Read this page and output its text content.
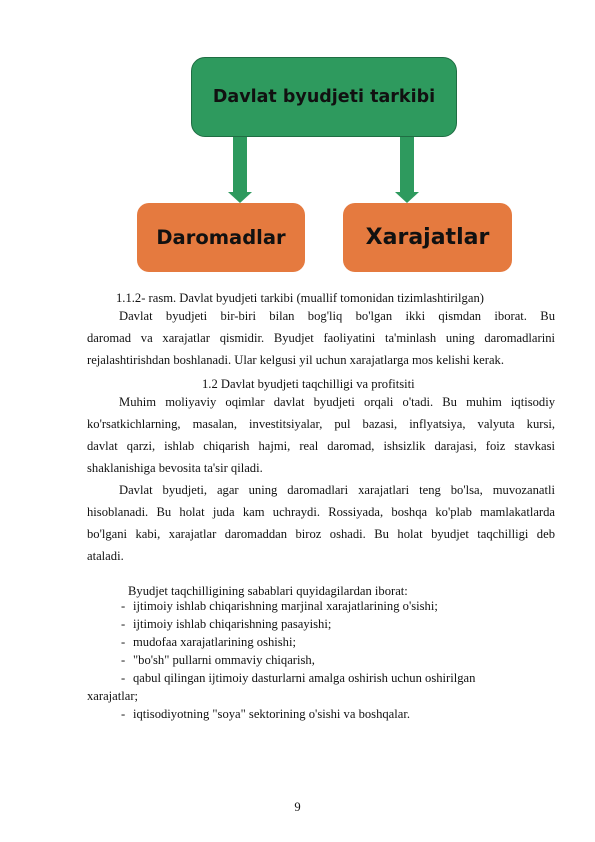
Davlat byudjeti tarkibi
Daromadlar	Xarajatlar
1.1.2- rasm. Davlat byudjeti tarkibi (muallif tomonidan tizimlashtirilgan)
Davlat byudjeti bir-biri bilan bog'liq bo'lgan ikki qismdan iborat. Bu
daromad va xarajatlar qismidir. Byudjet faoliyatini ta'minlash uning daromadlarini
rejalashtirishdan boshlanadi. Ular kelgusi yil uchun xarajatlarga mos kelishi kerak.
1.2 Davlat byudjeti taqchilligi va profitsiti
Muhim moliyaviy oqimlar davlat byudjeti orqali o'tadi. Bu muhim iqtisodiy
ko'rsatkichlarning, masalan, investitsiyalar, pul bazasi, inflyatsiya, valyuta kursi,
davlat qarzi, ishlab chiqarish hajmi, real daromad, ishsizlik darajasi, foiz stavkasi
shaklanishiga bevosita ta'sir qiladi.
Davlat byudjeti, agar uning daromadlari xarajatlari teng bo'lsa, muvozanatli
hisoblanadi. Bu holat juda kam uchraydi. Rossiyada, boshqa ko'plab mamlakatlarda
bo'lgani kabi, xarajatlar daromaddan biroz oshadi. Bu holat byudjet taqchilligi deb
ataladi.
Byudjet taqchilligining sabablari quyidagilardan iborat:
- ijtimoiy ishlab chiqarishning marjinal xarajatlarining o'sishi;
- ijtimoiy ishlab chiqarishning pasayishi;
- mudofaa xarajatlarining oshishi;
- "bo'sh" pullarni ommaviy chiqarish,
- qabul qilingan ijtimoiy dasturlarni amalga oshirish uchun oshirilgan
xarajatlar;
- iqtisodiyotning "soya" sektorining o'sishi va boshqalar.
9
